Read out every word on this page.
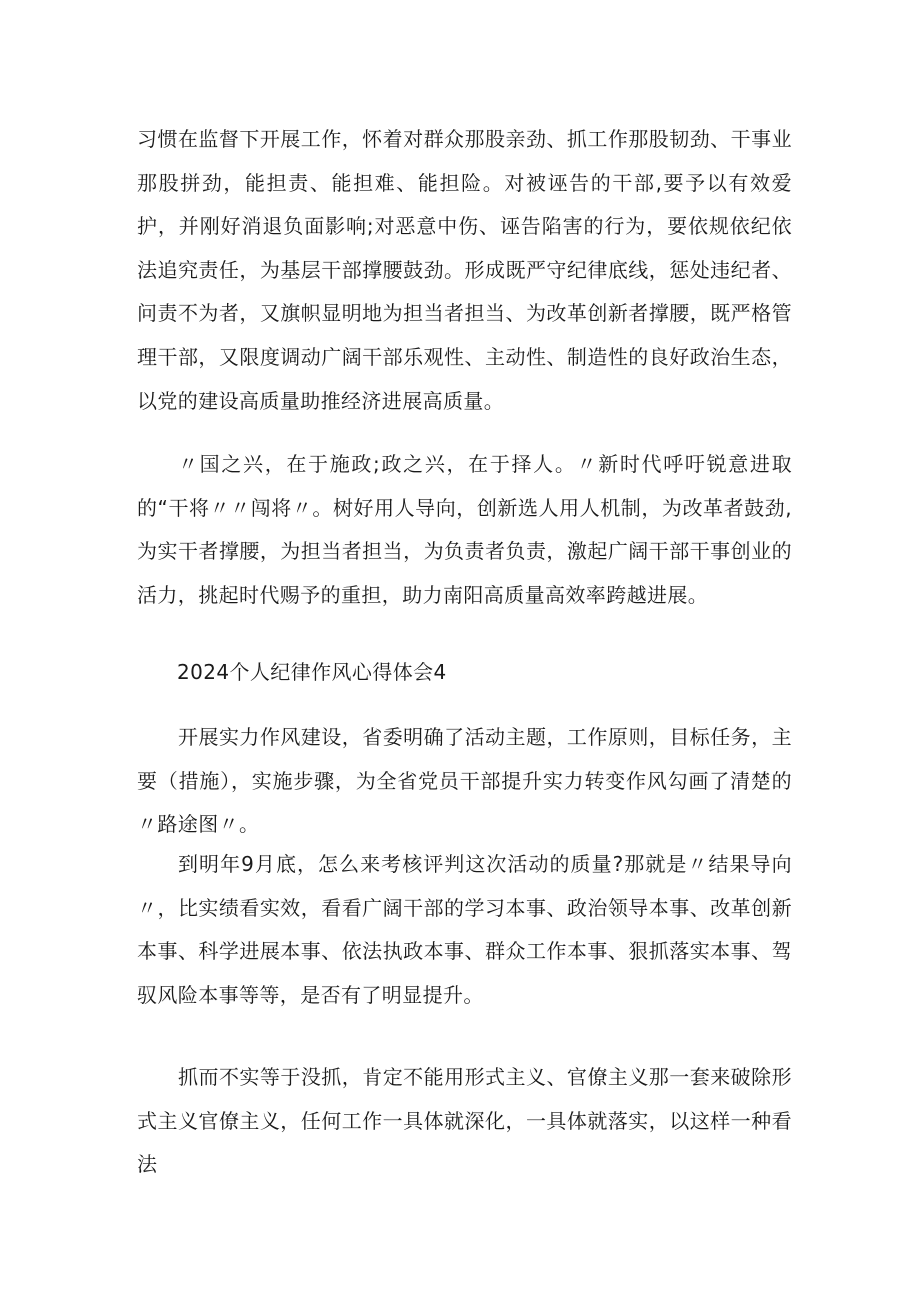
习惯在监督下开展工作，怀着对群众那股亲劲、抓工作那股韧劲、干事业那股拼劲，能担责、能担难、能担险。对被诬告的干部,要予以有效爱护，并刚好消退负面影响;对恶意中伤、诬告陷害的行为，要依规依纪依法追究责任，为基层干部撑腰鼓劲。形成既严守纪律底线，惩处违纪者、问责不为者，又旗帜显明地为担当者担当、为改革创新者撑腰，既严格管理干部，又限度调动广阔干部乐观性、主动性、制造性的良好政治生态，以党的建设高质量助推经济进展高质量。

〃国之兴，在于施政;政之兴，在于择人。〃新时代呼吁锐意进取的“干将〃〃闯将〃。树好用人导向，创新选人用人机制，为改革者鼓劲,为实干者撑腰，为担当者担当，为负责者负责，激起广阔干部干事创业的活力，挑起时代赐予的重担，助力南阳高质量高效率跨越进展。

2024个人纪律作风心得体会4

开展实力作风建设，省委明确了活动主题，工作原则，目标任务，主要（措施），实施步骤，为全省党员干部提升实力转变作风勾画了清楚的〃路途图〃。

到明年9月底，怎么来考核评判这次活动的质量?那就是〃结果导向〃，比实绩看实效，看看广阔干部的学习本事、政治领导本事、改革创新本事、科学进展本事、依法执政本事、群众工作本事、狠抓落实本事、驾驭风险本事等等，是否有了明显提升。

抓而不实等于没抓，肯定不能用形式主义、官僚主义那一套来破除形式主义官僚主义，任何工作一具体就深化，一具体就落实，以这样一种看法
